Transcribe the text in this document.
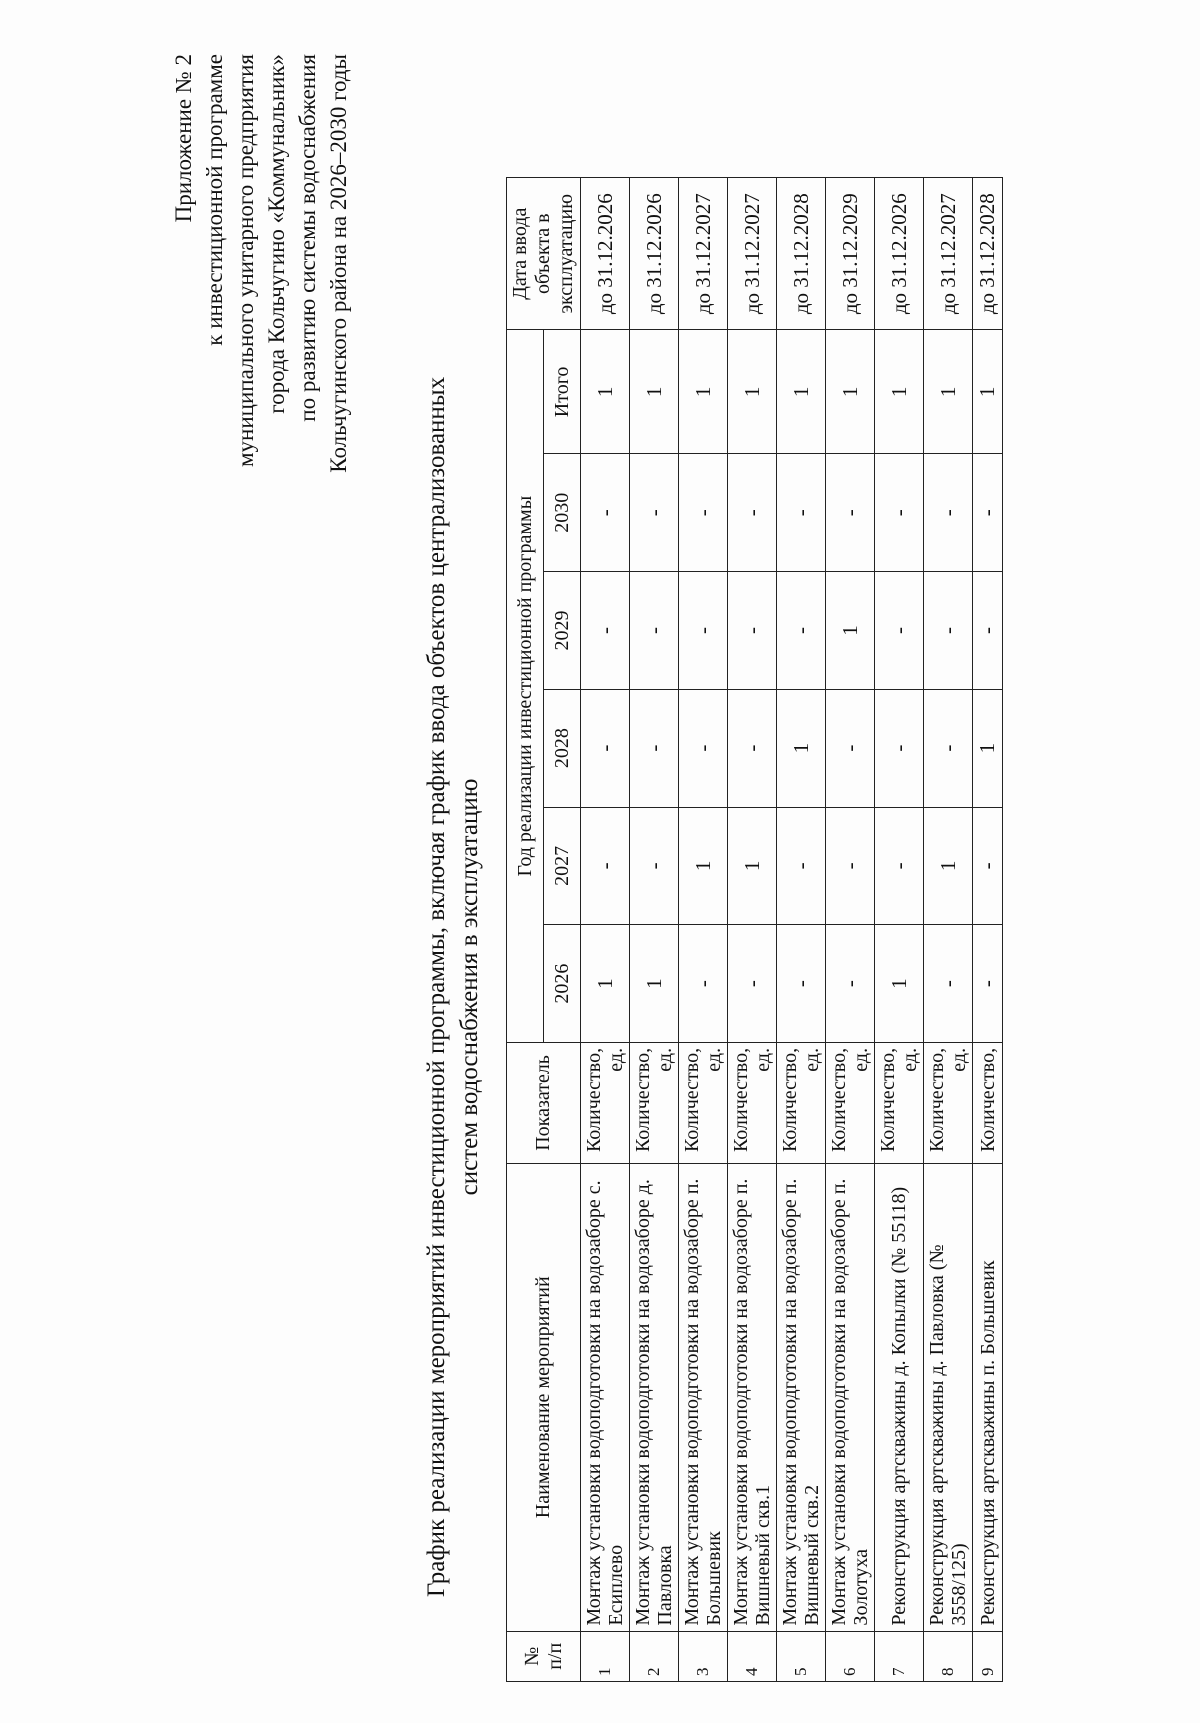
Приложение № 2 к инвестиционной программе муниципального унитарного предприятия города Кольчугино «Коммунальник» по развитию системы водоснабжения Кольчугинского района на 2026–2030 годы
График реализации мероприятий инвестиционной программы, включая график ввода объектов централизованных систем водоснабжения в эксплуатацию
№ п/п	Наименование мероприятий	Показатель	Год реализации инвестиционной программы						Дата ввода объекта в эксплуатацию
			2026	2027	2028	2029	2030	Итого	
1	Монтаж установки водоподготовки на водозаборе с. Есиплево	Количество, ед.	1	-	-	-	-	1	до 31.12.2026
2	Монтаж установки водоподготовки на водозаборе д. Павловка	Количество, ед.	1	-	-	-	-	1	до 31.12.2026
3	Монтаж установки водоподготовки на водозаборе п. Большевик	Количество, ед.	-	1	-	-	-	1	до 31.12.2027
4	Монтаж установки водоподготовки на водозаборе п. Вишневый скв.1	Количество, ед.	-	1	-	-	-	1	до 31.12.2027
5	Монтаж установки водоподготовки на водозаборе п. Вишневый скв.2	Количество, ед.	-	-	1	-	-	1	до 31.12.2028
6	Монтаж установки водоподготовки на водозаборе п. Золотуха	Количество, ед.	-	-	-	1	-	1	до 31.12.2029
7	Реконструкция артскважины д. Копылки (№ 55118)	Количество, ед.	1	-	-	-	-	1	до 31.12.2026
8	Реконструкция артскважины д. Павловка (№ 3558/125)	Количество, ед.	-	1	-	-	-	1	до 31.12.2027
9	Реконструкция артскважины п. Большевик	Количество,	-	-	1	-	-	1	до 31.12.2028
